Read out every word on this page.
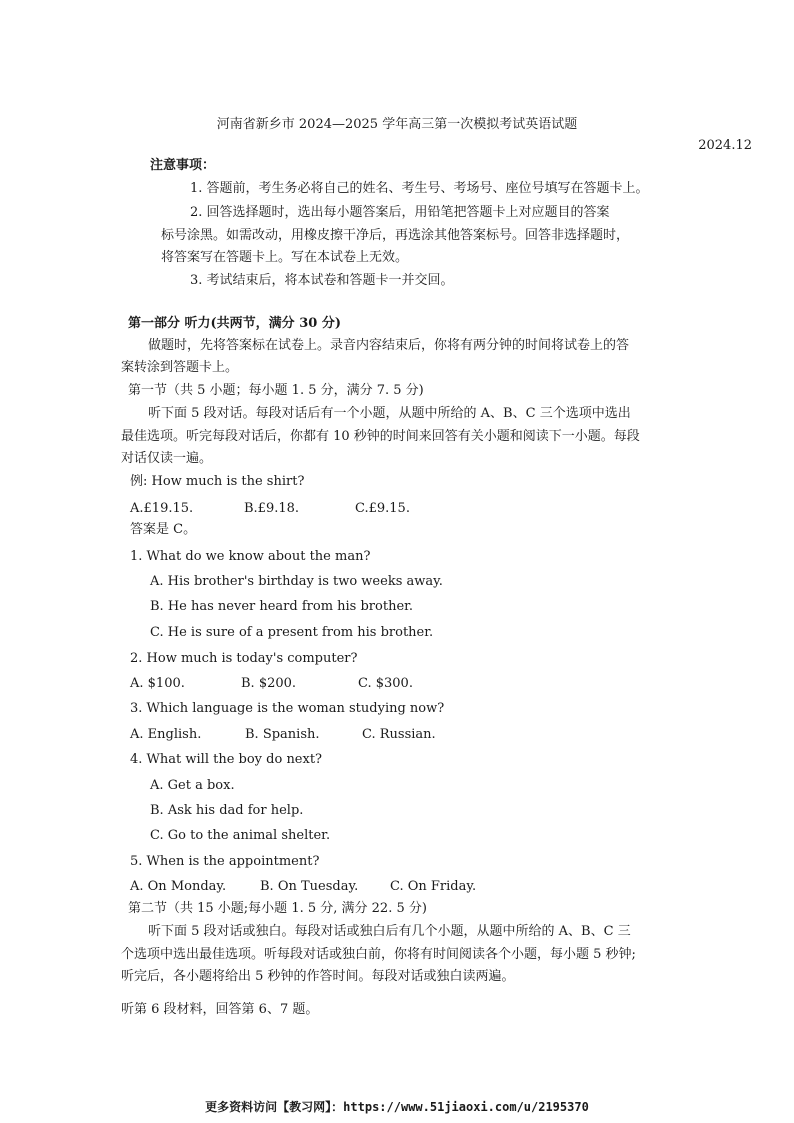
河南省新乡市 2024—2025 学年高三第一次模拟考试英语试题
2024.12
注意事项：
1. 答题前，考生务必将自己的姓名、考生号、考场号、座位号填写在答题卡上。
2. 回答选择题时，选出每小题答案后，用铅笔把答题卡上对应题目的答案
标号涂黑。如需改动，用橡皮擦干净后，再选涂其他答案标号。回答非选择题时，
将答案写在答题卡上。写在本试卷上无效。
3. 考试结束后，将本试卷和答题卡一并交回。
第一部分 听力(共两节，满分 30 分)
做题时，先将答案标在试卷上。录音内容结束后，你将有两分钟的时间将试卷上的答
案转涂到答题卡上。
第一节（共 5 小题；每小题 1. 5 分，满分 7. 5 分)
听下面 5 段对话。每段对话后有一个小题，从题中所给的 A、B、C 三个选项中选出
最佳选项。听完每段对话后，你都有 10 秒钟的时间来回答有关小题和阅读下一小题。每段
对话仅读一遍。
例: How much is the shirt?
A.£19.15.	B.£9.18.	C.£9.15.
答案是 C。
1. What do we know about the man?
A. His brother's birthday is two weeks away.
B. He has never heard from his brother.
C. He is sure of a present from his brother.
2. How much is today's computer?
A. $100.	B. $200.	C. $300.
3. Which language is the woman studying now?
A. English.	B. Spanish.	C. Russian.
4. What will the boy do next?
A. Get a box.
B. Ask his dad for help.
C. Go to the animal shelter.
5. When is the appointment?
A. On Monday.	B. On Tuesday. C. On Friday.
第二节（共 15 小题;每小题 1. 5 分, 满分 22. 5 分)
听下面 5 段对话或独白。每段对话或独白后有几个小题，从题中所给的 A、B、C 三
个选项中选出最佳选项。听每段对话或独白前，你将有时间阅读各个小题，每小题 5 秒钟;
听完后，各小题将给出 5 秒钟的作答时间。每段对话或独白读两遍。
听第 6 段材料，回答第 6、7 题。
更多资料访问【教习网】：https://www.51jiaoxi.com/u/2195370
